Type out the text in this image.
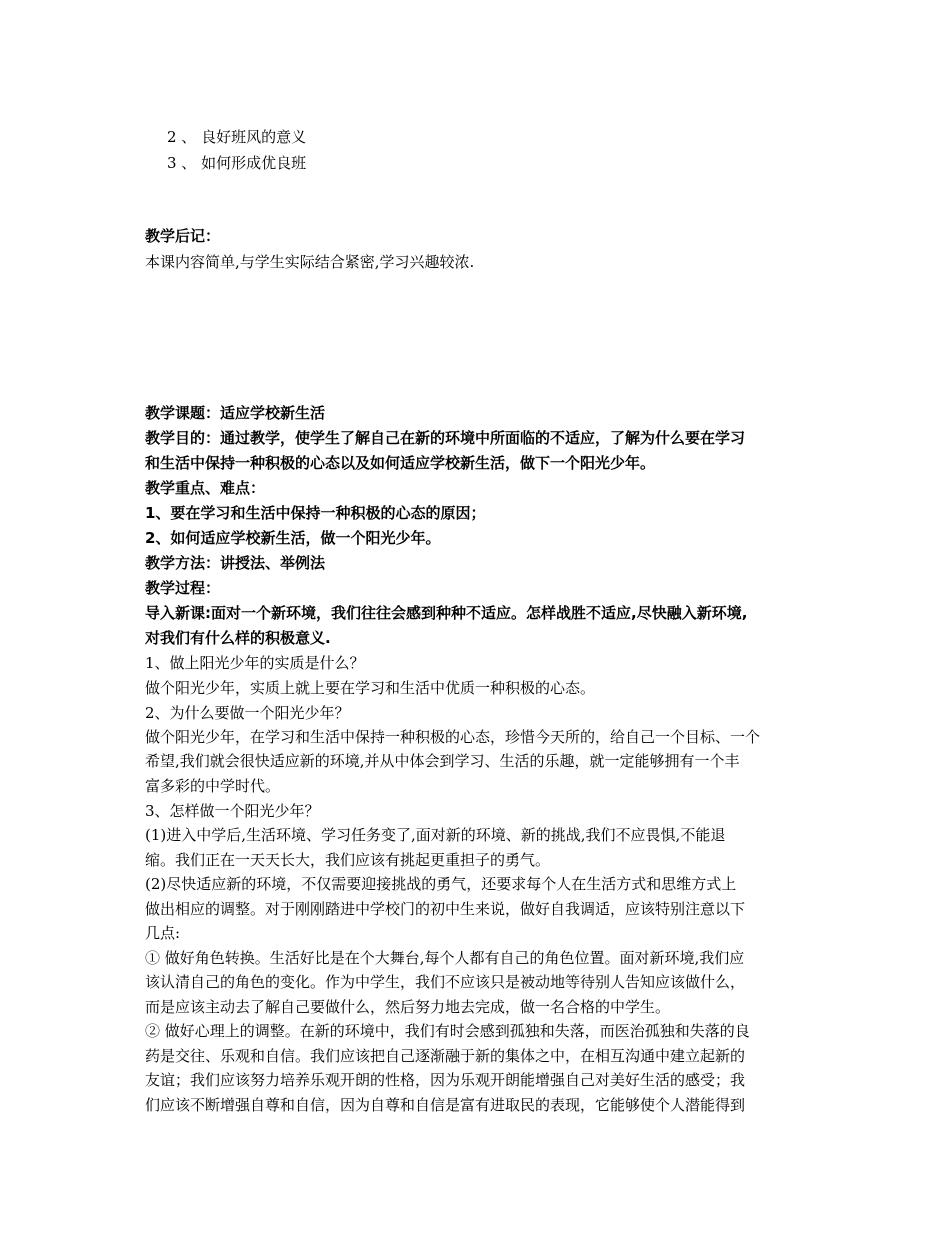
2 、 良好班风的意义
3 、 如何形成优良班
教学后记：
本课内容简单,与学生实际结合紧密,学习兴趣较浓.
教学课题：适应学校新生活
教学目的：通过教学，使学生了解自己在新的环境中所面临的不适应，了解为什么要在学习
和生活中保持一种积极的心态以及如何适应学校新生活，做下一个阳光少年。
教学重点、难点：
1、要在学习和生活中保持一种积极的心态的原因；
2、如何适应学校新生活，做一个阳光少年。
教学方法：讲授法、举例法
教学过程：
导入新课:面对一个新环境，我们往往会感到种种不适应。怎样战胜不适应,尽快融入新环境,
对我们有什么样的积极意义.
1、做上阳光少年的实质是什么？
做个阳光少年，实质上就上要在学习和生活中优质一种积极的心态。
2、为什么要做一个阳光少年？
做个阳光少年，在学习和生活中保持一种积极的心态，珍惜今天所的，给自己一个目标、一个
希望,我们就会很快适应新的环境,并从中体会到学习、生活的乐趣，就一定能够拥有一个丰
富多彩的中学时代。
3、怎样做一个阳光少年？
(1)进入中学后,生活环境、学习任务变了,面对新的环境、新的挑战,我们不应畏惧,不能退
缩。我们正在一天天长大，我们应该有挑起更重担子的勇气。
(2)尽快适应新的环境，不仅需要迎接挑战的勇气，还要求每个人在生活方式和思维方式上
做出相应的调整。对于刚刚踏进中学校门的初中生来说，做好自我调适，应该特别注意以下
几点:
① 做好角色转换。生活好比是在个大舞台,每个人都有自己的角色位置。面对新环境,我们应
该认清自己的角色的变化。作为中学生，我们不应该只是被动地等待别人告知应该做什么，
而是应该主动去了解自己要做什么，然后努力地去完成，做一名合格的中学生。
② 做好心理上的调整。在新的环境中，我们有时会感到孤独和失落，而医治孤独和失落的良
药是交往、乐观和自信。我们应该把自己逐渐融于新的集体之中，在相互沟通中建立起新的
友谊；我们应该努力培养乐观开朗的性格，因为乐观开朗能增强自己对美好生活的感受；我
们应该不断增强自尊和自信，因为自尊和自信是富有进取民的表现，它能够使个人潜能得到
